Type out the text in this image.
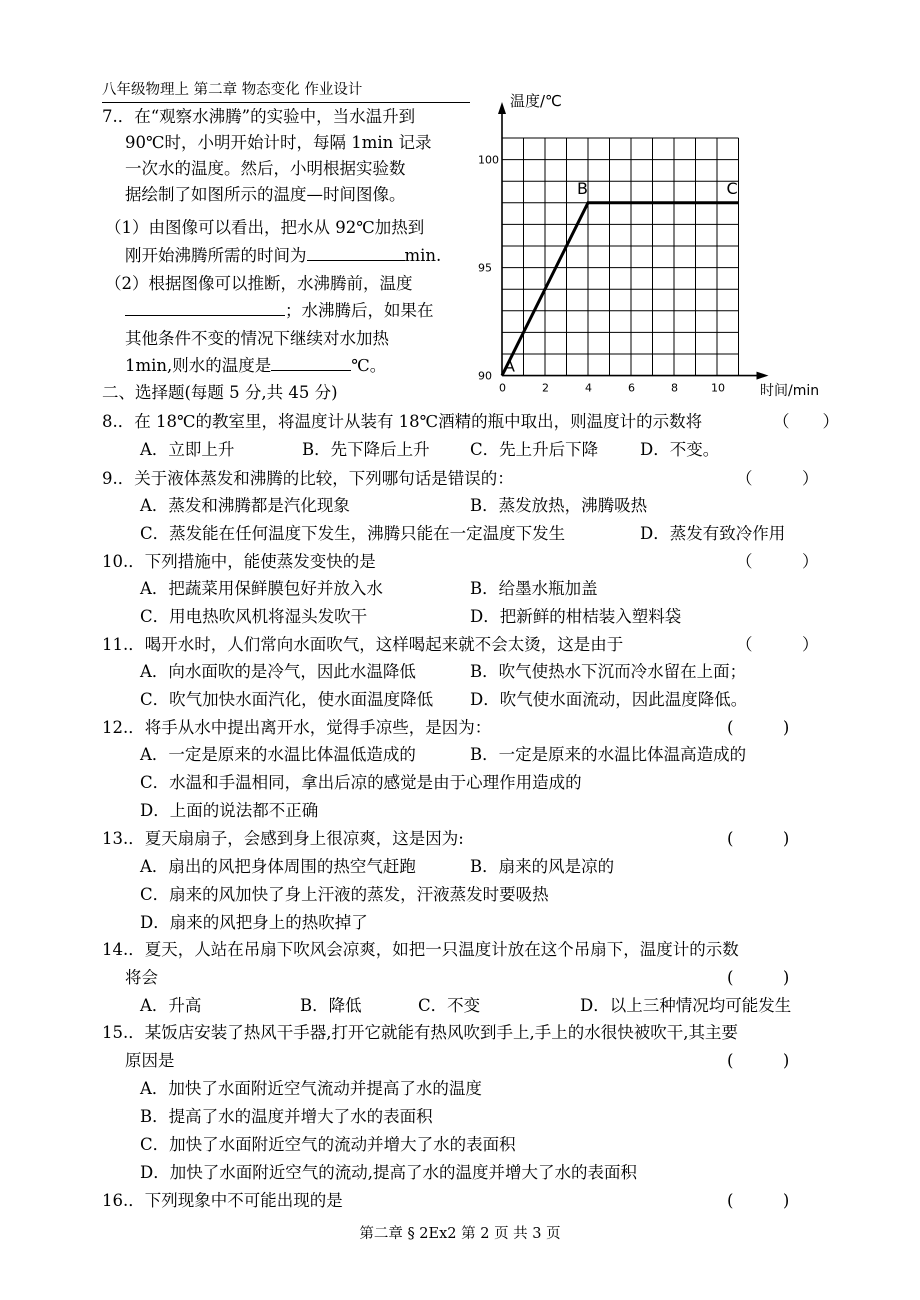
八年级物理上 第二章 物态变化 作业设计
7.．在“观察水沸腾”的实验中，当水温升到
90℃时，小明开始计时，每隔 1min 记录
一次水的温度。然后，小明根据实验数
据绘制了如图所示的温度—时间图像。
（1）由图像可以看出，把水从 92℃加热到
刚开始沸腾所需的时间为	min.
（2）根据图像可以推断，水沸腾前，温度
；水沸腾后，如果在
其他条件不变的情况下继续对水加热
1min,则水的温度是	℃。
二、选择题(每题 5 分,共 45 分)	0	2	4	6	8	10
90
95
100
A
B	C
温度/℃
时间/min
8.．在 18℃的教室里，将温度计从装有 18℃酒精的瓶中取出，则温度计的示数将	（　　）
A．立即上升	B．先下降后上升 C．先上升后下降	D．不变。
9.．关于液体蒸发和沸腾的比较，下列哪句话是错误的：	（　　　）
A．蒸发和沸腾都是汽化现象	B．蒸发放热，沸腾吸热
C．蒸发能在任何温度下发生，沸腾只能在一定温度下发生	D．蒸发有致冷作用
10.．下列措施中，能使蒸发变快的是	（　　　）
A．把蔬菜用保鲜膜包好并放入水	B．给墨水瓶加盖
C．用电热吹风机将湿头发吹干	D．把新鲜的柑桔装入塑料袋
11.．喝开水时，人们常向水面吹气，这样喝起来就不会太烫，这是由于	（　　　）
A．向水面吹的是冷气，因此水温降低	B．吹气使热水下沉而冷水留在上面；
C．吹气加快水面汽化，使水面温度降低 D．吹气使水面流动，因此温度降低。
12.．将手从水中提出离开水，觉得手凉些，是因为：	(　　　)
A．一定是原来的水温比体温低造成的	B．一定是原来的水温比体温高造成的
C．水温和手温相同，拿出后凉的感觉是由于心理作用造成的
D．上面的说法都不正确
13.．夏天扇扇子，会感到身上很凉爽，这是因为:	(　　　)
A．扇出的风把身体周围的热空气赶跑	B．扇来的风是凉的
C．扇来的风加快了身上汗液的蒸发，汗液蒸发时要吸热
D．扇来的风把身上的热吹掉了
14.．夏天，人站在吊扇下吹风会凉爽，如把一只温度计放在这个吊扇下，温度计的示数
将会	(　　　)
A．升高	B．降低	C．不变	D．以上三种情况均可能发生
15.．某饭店安装了热风干手器,打开它就能有热风吹到手上,手上的水很快被吹干,其主要
原因是	(　　　)
A．加快了水面附近空气流动并提高了水的温度
B．提高了水的温度并增大了水的表面积
C．加快了水面附近空气的流动并增大了水的表面积
D．加快了水面附近空气的流动,提高了水的温度并增大了水的表面积
16.．下列现象中不可能出现的是	(　　　)
第二章 § 2Ex2 第 2 页 共 3 页
